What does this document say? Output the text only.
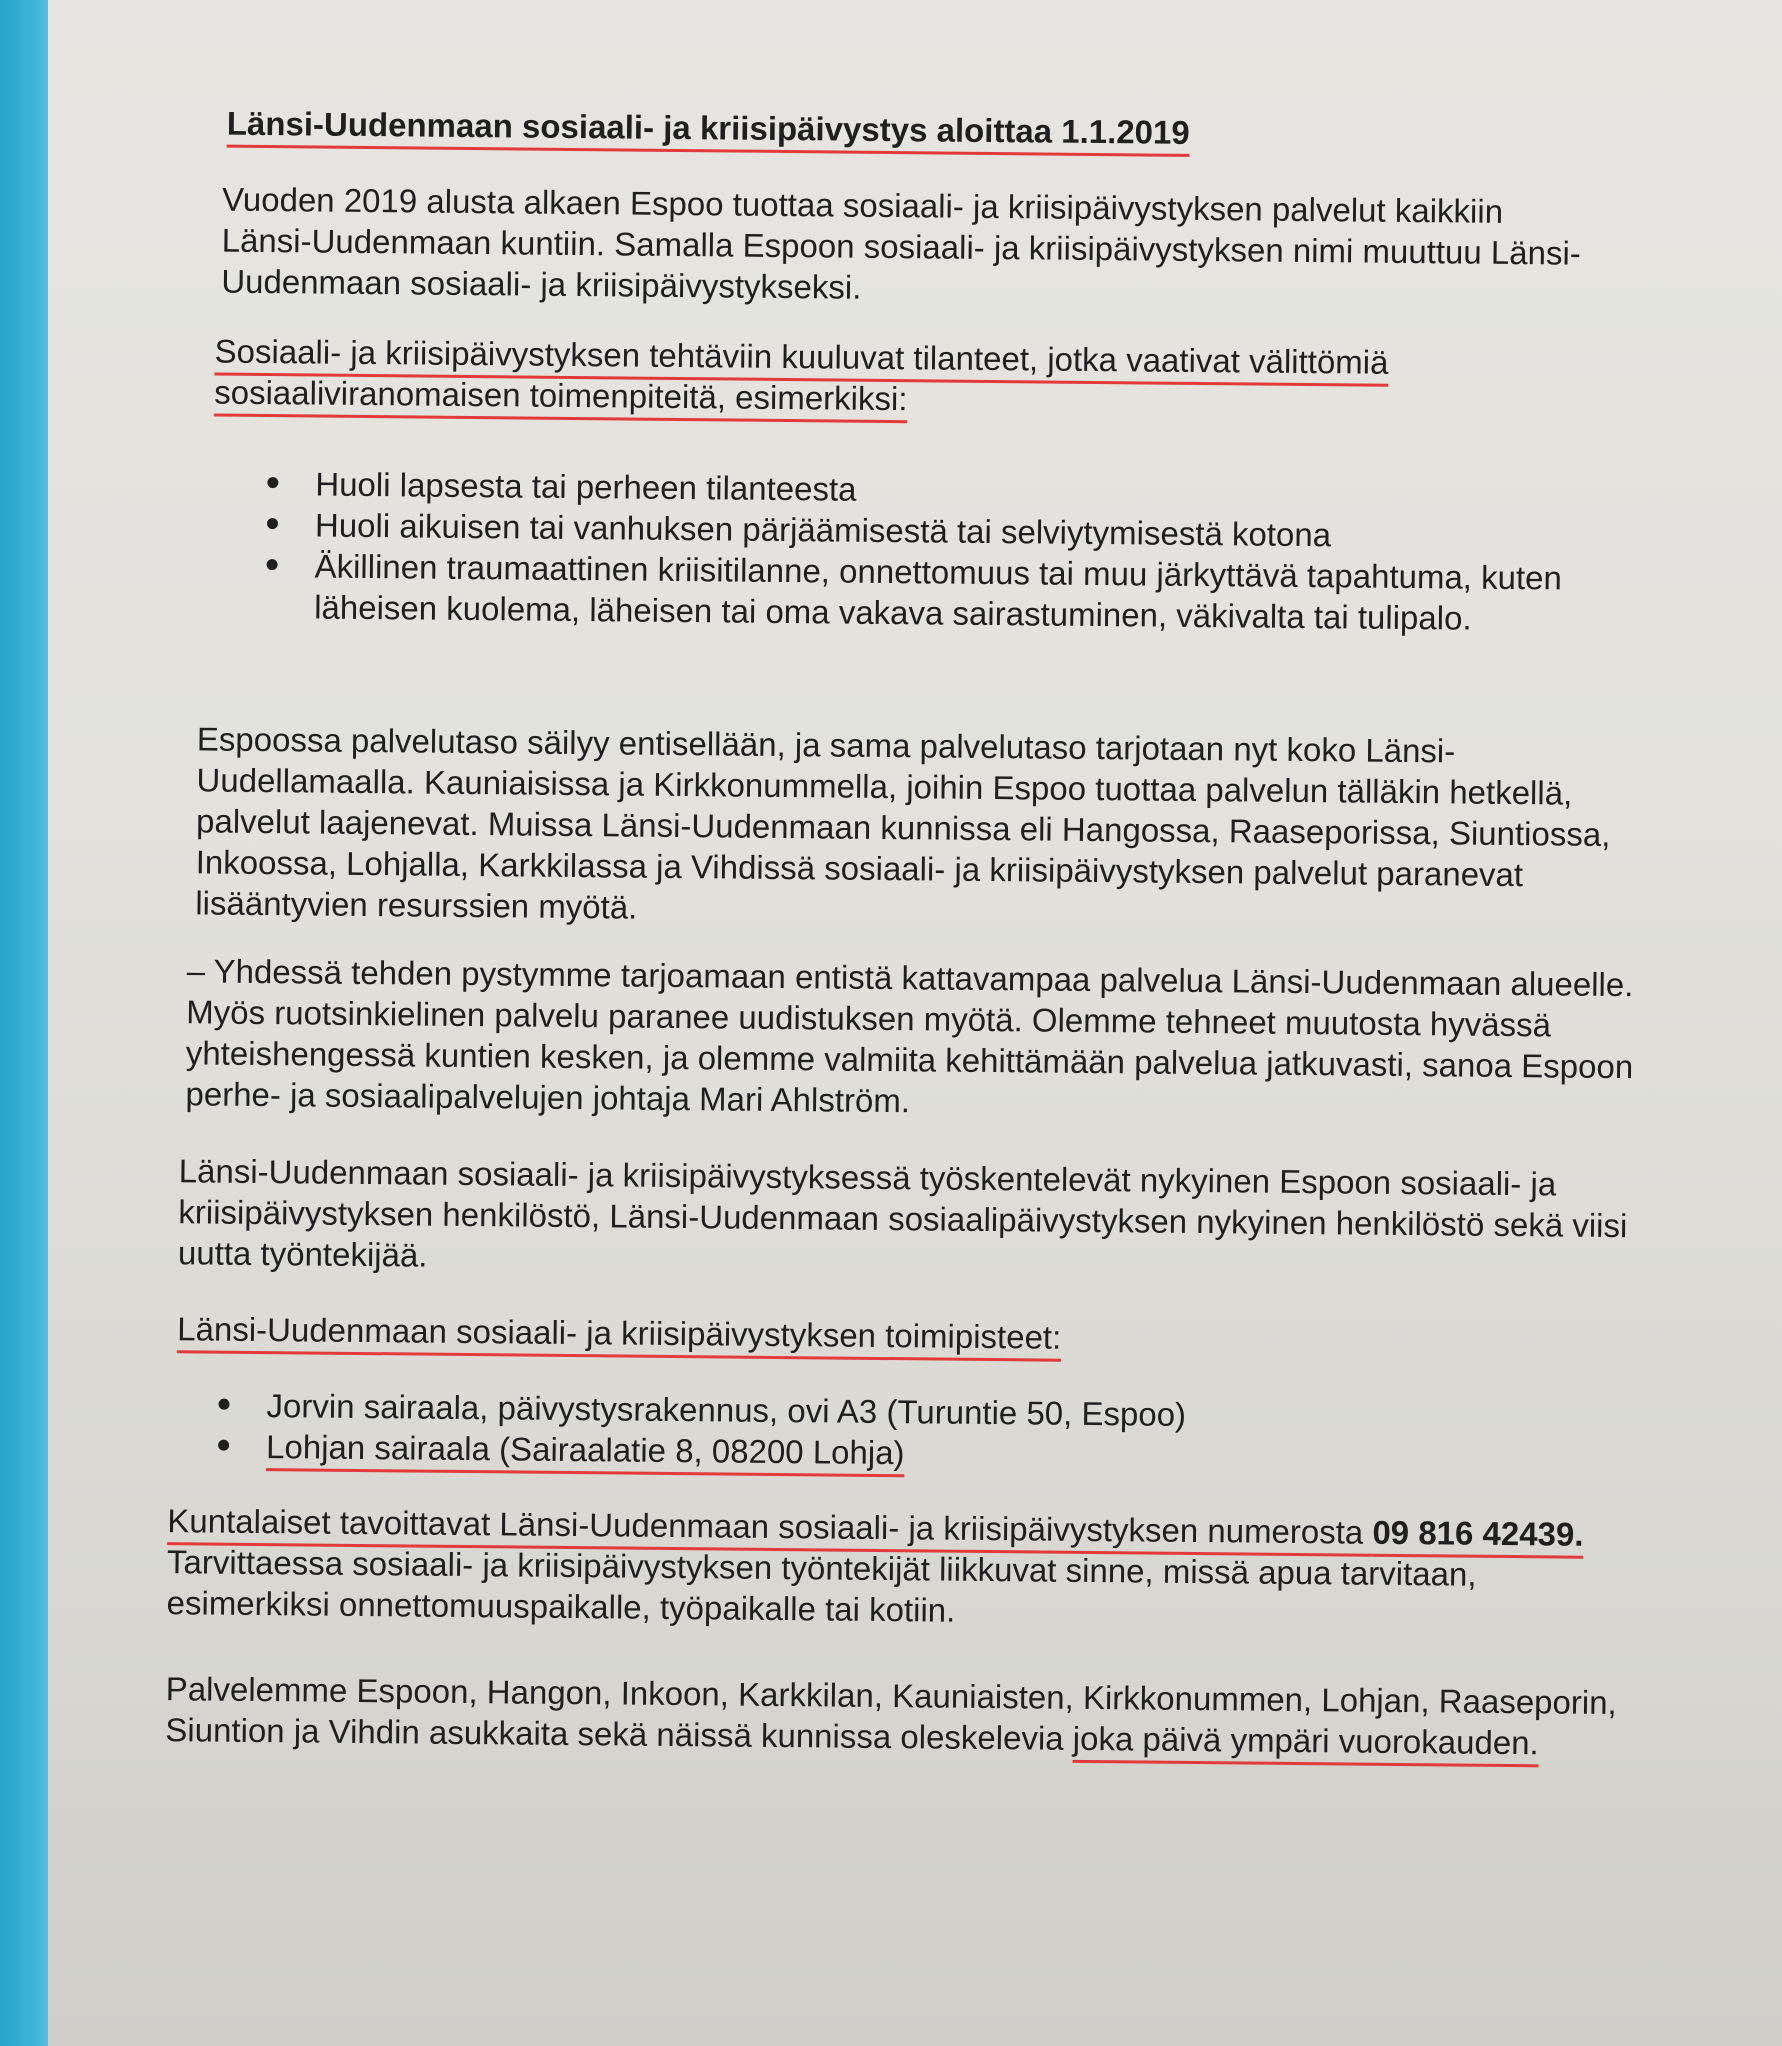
Länsi-Uudenmaan sosiaali- ja kriisipäivystys aloittaa 1.1.2019

Vuoden 2019 alusta alkaen Espoo tuottaa sosiaali- ja kriisipäivystyksen palvelut kaikkiin Länsi-Uudenmaan kuntiin. Samalla Espoon sosiaali- ja kriisipäivystyksen nimi muuttuu Länsi-Uudenmaan sosiaali- ja kriisipäivystykseksi.

Sosiaali- ja kriisipäivystyksen tehtäviin kuuluvat tilanteet, jotka vaativat välittömiä sosiaaliviranomaisen toimenpiteitä, esimerkiksi:
Huoli lapsesta tai perheen tilanteesta
Huoli aikuisen tai vanhuksen pärjäämisestä tai selviytymisestä kotona
Äkillinen traumaattinen kriisitilanne, onnettomuus tai muu järkyttävä tapahtuma, kuten läheisen kuolema, läheisen tai oma vakava sairastuminen, väkivalta tai tulipalo.

Espoossa palvelutaso säilyy entisellään, ja sama palvelutaso tarjotaan nyt koko Länsi-Uudellamaalla. Kauniaisissa ja Kirkkonummella, joihin Espoo tuottaa palvelun tälläkin hetkellä, palvelut laajenevat. Muissa Länsi-Uudenmaan kunnissa eli Hangossa, Raaseporissa, Siuntiossa, Inkoossa, Lohjalla, Karkkilassa ja Vihdissä sosiaali- ja kriisipäivystyksen palvelut paranevat lisääntyvien resurssien myötä.

– Yhdessä tehden pystymme tarjoamaan entistä kattavampaa palvelua Länsi-Uudenmaan alueelle. Myös ruotsinkielinen palvelu paranee uudistuksen myötä. Olemme tehneet muutosta hyvässä yhteishengessä kuntien kesken, ja olemme valmiita kehittämään palvelua jatkuvasti, sanoa Espoon perhe- ja sosiaalipalvelujen johtaja Mari Ahlström.

Länsi-Uudenmaan sosiaali- ja kriisipäivystyksessä työskentelevät nykyinen Espoon sosiaali- ja kriisipäivystyksen henkilöstö, Länsi-Uudenmaan sosiaalipäivystyksen nykyinen henkilöstö sekä viisi uutta työntekijää.

Länsi-Uudenmaan sosiaali- ja kriisipäivystyksen toimipisteet:
Jorvin sairaala, päivystysrakennus, ovi A3 (Turuntie 50, Espoo)
Lohjan sairaala (Sairaalatie 8, 08200 Lohja)

Kuntalaiset tavoittavat Länsi-Uudenmaan sosiaali- ja kriisipäivystyksen numerosta 09 816 42439. Tarvittaessa sosiaali- ja kriisipäivystyksen työntekijät liikkuvat sinne, missä apua tarvitaan, esimerkiksi onnettomuuspaikalle, työpaikalle tai kotiin.

Palvelemme Espoon, Hangon, Inkoon, Karkkilan, Kauniaisten, Kirkkonummen, Lohjan, Raaseporin, Siuntion ja Vihdin asukkaita sekä näissä kunnissa oleskelevia joka päivä ympäri vuorokauden.
